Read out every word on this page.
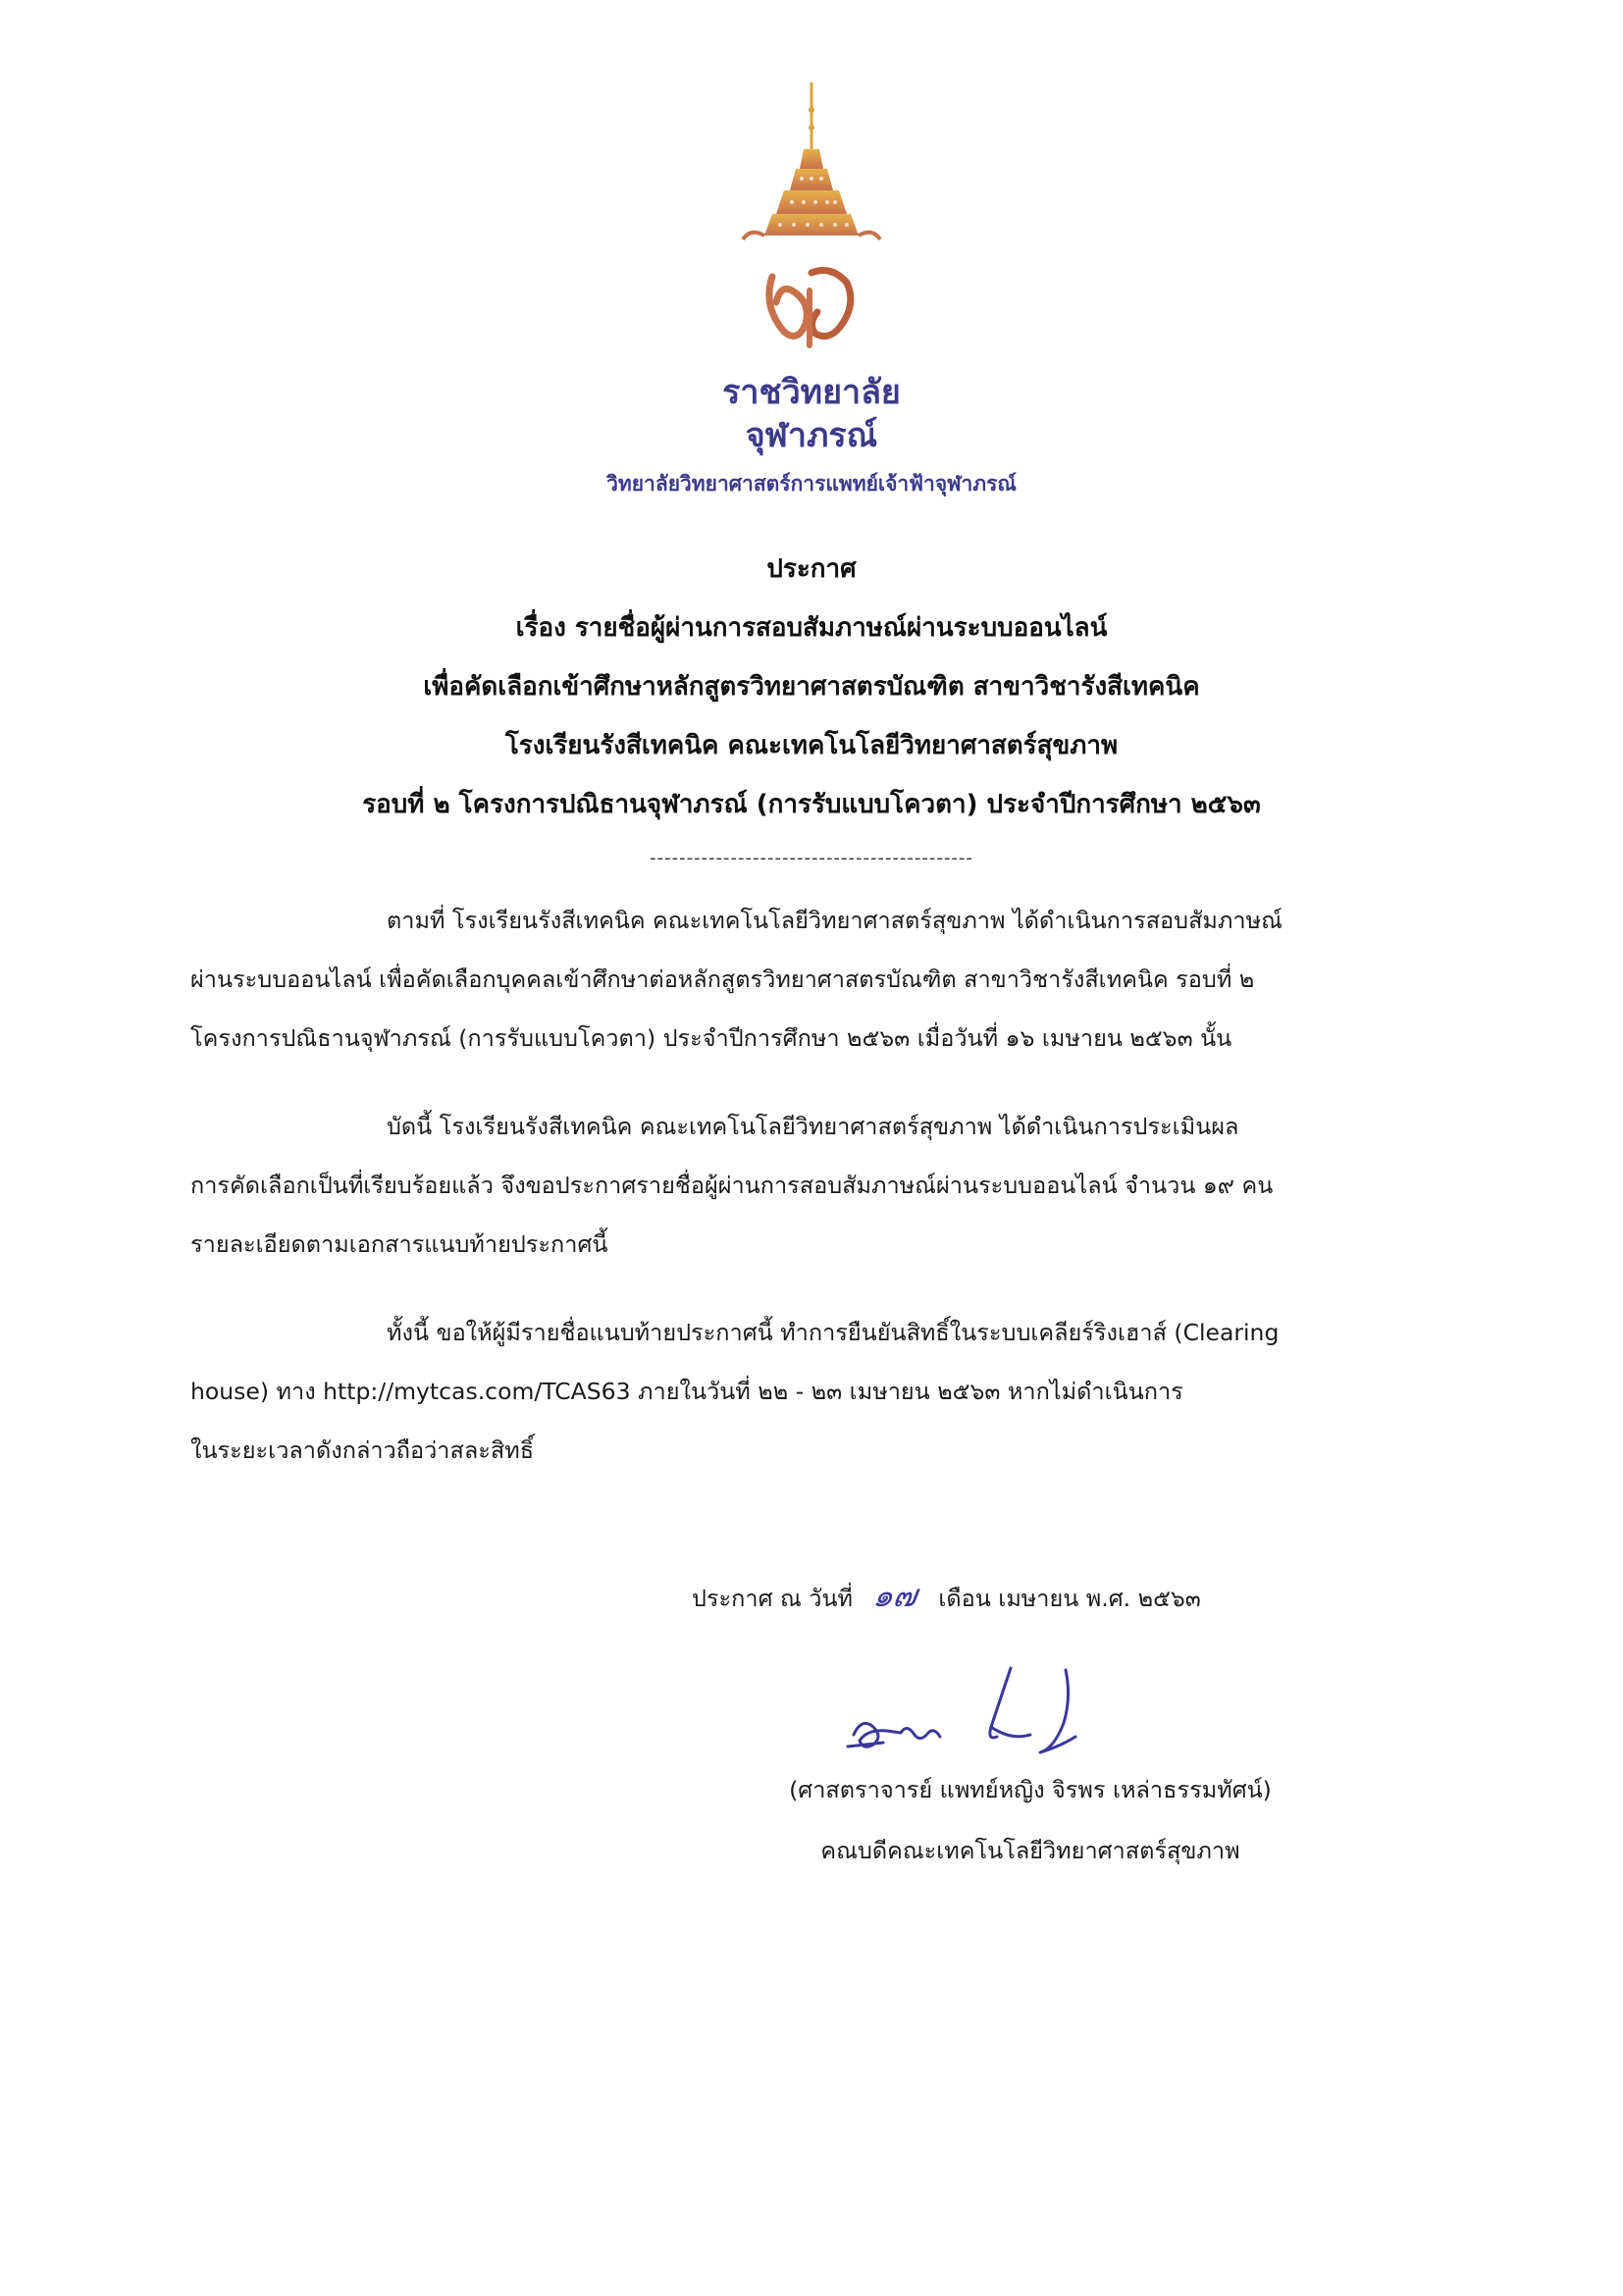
ราชวิทยาลัย
จุฬาภรณ์
วิทยาลัยวิทยาศาสตร์การแพทย์เจ้าฟ้าจุฬาภรณ์
ประกาศ
เรื่อง รายชื่อผู้ผ่านการสอบสัมภาษณ์ผ่านระบบออนไลน์
เพื่อคัดเลือกเข้าศึกษาหลักสูตรวิทยาศาสตรบัณฑิต สาขาวิชารังสีเทคนิค
โรงเรียนรังสีเทคนิค คณะเทคโนโลยีวิทยาศาสตร์สุขภาพ
รอบที่ ๒ โครงการปณิธานจุฬาภรณ์ (การรับแบบโควตา) ประจำปีการศึกษา ๒๕๖๓
--------------------------------------------
ตามที่ โรงเรียนรังสีเทคนิค คณะเทคโนโลยีวิทยาศาสตร์สุขภาพ ได้ดำเนินการสอบสัมภาษณ์
ผ่านระบบออนไลน์ เพื่อคัดเลือกบุคคลเข้าศึกษาต่อหลักสูตรวิทยาศาสตรบัณฑิต สาขาวิชารังสีเทคนิค รอบที่ ๒
โครงการปณิธานจุฬาภรณ์ (การรับแบบโควตา) ประจำปีการศึกษา ๒๕๖๓ เมื่อวันที่ ๑๖ เมษายน ๒๕๖๓ นั้น
บัดนี้ โรงเรียนรังสีเทคนิค คณะเทคโนโลยีวิทยาศาสตร์สุขภาพ ได้ดำเนินการประเมินผล
การคัดเลือกเป็นที่เรียบร้อยแล้ว จึงขอประกาศรายชื่อผู้ผ่านการสอบสัมภาษณ์ผ่านระบบออนไลน์ จำนวน ๑๙ คน
รายละเอียดตามเอกสารแนบท้ายประกาศนี้
ทั้งนี้ ขอให้ผู้มีรายชื่อแนบท้ายประกาศนี้ ทำการยืนยันสิทธิ์ในระบบเคลียร์ริงเฮาส์ (Clearing
house) ทาง http://mytcas.com/TCAS63 ภายในวันที่ ๒๒ - ๒๓ เมษายน ๒๕๖๓ หากไม่ดำเนินการ
ในระยะเวลาดังกล่าวถือว่าสละสิทธิ์
ประกาศ ณ วันที่ ๑๗ เดือน เมษายน พ.ศ. ๒๕๖๓
(ศาสตราจารย์ แพทย์หญิง จิรพร เหล่าธรรมทัศน์)
คณบดีคณะเทคโนโลยีวิทยาศาสตร์สุขภาพ
